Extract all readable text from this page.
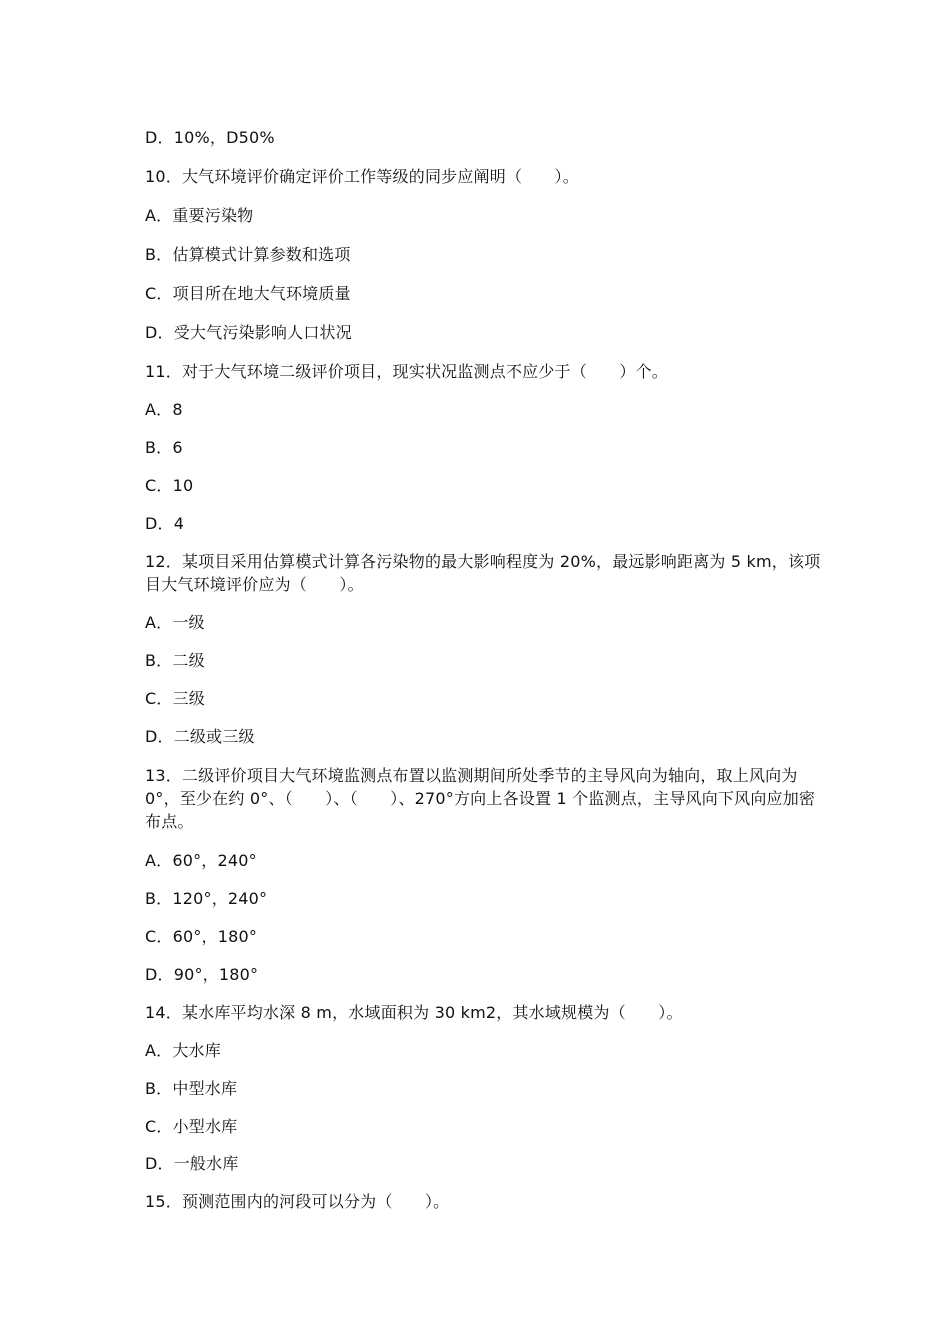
D．10%，D50%
10．大气环境评价确定评价工作等级的同步应阐明（　　）。
A．重要污染物
B．估算模式计算参数和选项
C．项目所在地大气环境质量
D．受大气污染影响人口状况
11．对于大气环境二级评价项目，现实状况监测点不应少于（　　）个。
A．8
B．6
C．10
D．4
12．某项目采用估算模式计算各污染物的最大影响程度为 20%，最远影响距离为 5 km，该项目大气环境评价应为（　　）。
A．一级
B．二级
C．三级
D．二级或三级
13．二级评价项目大气环境监测点布置以监测期间所处季节的主导风向为轴向，取上风向为 0°，至少在约 0°、（　　）、（　　）、270°方向上各设置 1 个监测点，主导风向下风向应加密布点。
A．60°，240°
B．120°，240°
C．60°，180°
D．90°，180°
14．某水库平均水深 8 m，水域面积为 30 km2，其水域规模为（　　）。
A．大水库
B．中型水库
C．小型水库
D．一般水库
15．预测范围内的河段可以分为（　　）。
